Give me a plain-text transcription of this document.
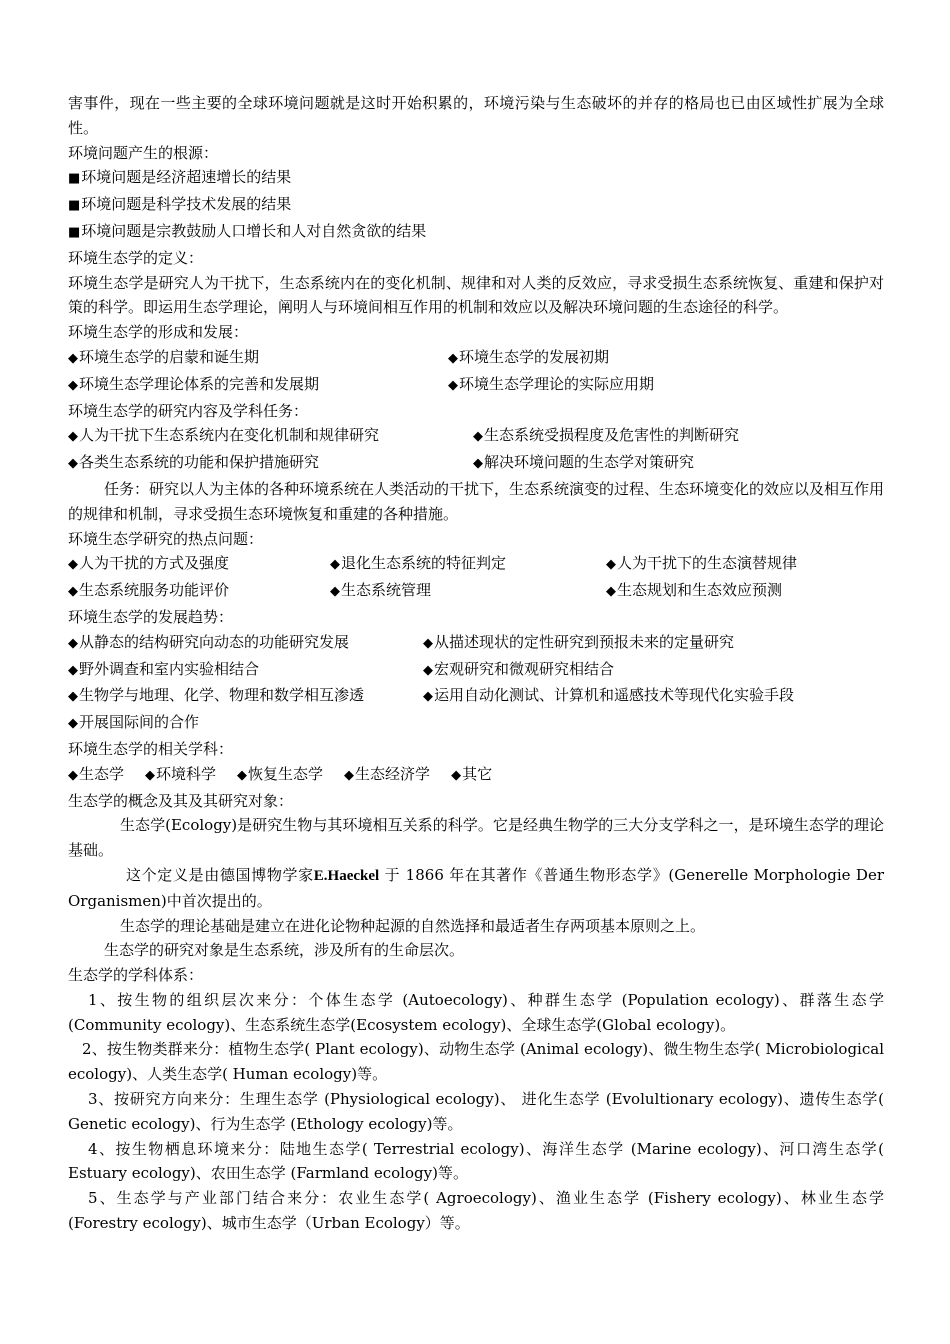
害事件，现在一些主要的全球环境问题就是这时开始积累的，环境污染与生态破坏的并存的格局也已由区域性扩展为全球性。

环境问题产生的根源：

■ 环境问题是经济超速增长的结果

■ 环境问题是科学技术发展的结果

■ 环境问题是宗教鼓励人口增长和人对自然贪欲的结果

环境生态学的定义：

环境生态学是研究人为干扰下，生态系统内在的变化机制、规律和对人类的反效应，寻求受损生态系统恢复、重建和保护对策的科学。即运用生态学理论，阐明人与环境间相互作用的机制和效应以及解决环境问题的生态途径的科学。

环境生态学的形成和发展：

◆ 环境生态学的启蒙和诞生期	◆ 环境生态学的发展初期
◆ 环境生态学理论体系的完善和发展期	◆ 环境生态学理论的实际应用期

环境生态学的研究内容及学科任务：

◆ 人为干扰下生态系统内在变化机制和规律研究	◆ 生态系统受损程度及危害性的判断研究
◆ 各类生态系统的功能和保护措施研究	◆ 解决环境问题的生态学对策研究

任务：研究以人为主体的各种环境系统在人类活动的干扰下，生态系统演变的过程、生态环境变化的效应以及相互作用的规律和机制，寻求受损生态环境恢复和重建的各种措施。

环境生态学研究的热点问题：

◆ 人为干扰的方式及强度	◆ 退化生态系统的特征判定	◆ 人为干扰下的生态演替规律
◆ 生态系统服务功能评价	◆ 生态系统管理	◆ 生态规划和生态效应预测

环境生态学的发展趋势：

◆ 从静态的结构研究向动态的功能研究发展	◆ 从描述现状的定性研究到预报未来的定量研究
◆ 野外调查和室内实验相结合	◆ 宏观研究和微观研究相结合
◆ 生物学与地理、化学、物理和数学相互渗透	◆ 运用自动化测试、计算机和遥感技术等现代化实验手段
◆ 开展国际间的合作

环境生态学的相关学科：

◆ 生态学	◆ 环境科学	◆ 恢复生态学	◆ 生态经济学	◆ 其它

生态学的概念及其及其研究对象：

生态学(Ecology)是研究生物与其环境相互关系的科学。它是经典生物学的三大分支学科之一，是环境生态学的理论基础。

这个定义是由德国博物学家E.Haeckel 于 1866 年在其著作《普通生物形态学》(Generelle Morphologie Der Organismen)中首次提出的。

生态学的理论基础是建立在进化论物种起源的自然选择和最适者生存两项基本原则之上。

生态学的研究对象是生态系统，涉及所有的生命层次。

生态学的学科体系：

1、按生物的组织层次来分：个体生态学 (Autoecology)、种群生态学 (Population ecology)、群落生态学(Community ecology)、生态系统生态学(Ecosystem ecology)、全球生态学(Global ecology)。

2、按生物类群来分：植物生态学( Plant ecology)、动物生态学 (Animal ecology)、微生物生态学( Microbiological ecology)、人类生态学( Human ecology)等。

3、按研究方向来分：生理生态学 (Physiological ecology)、 进化生态学 (Evolultionary ecology)、遗传生态学( Genetic ecology)、行为生态学 (Ethology ecology)等。

4、按生物栖息环境来分：陆地生态学( Terrestrial ecology)、海洋生态学 (Marine ecology)、河口湾生态学( Estuary ecology)、农田生态学 (Farmland ecology)等。

5、生态学与产业部门结合来分：农业生态学( Agroecology)、渔业生态学 (Fishery ecology)、林业生态学 (Forestry ecology)、城市生态学（Urban Ecology）等。
